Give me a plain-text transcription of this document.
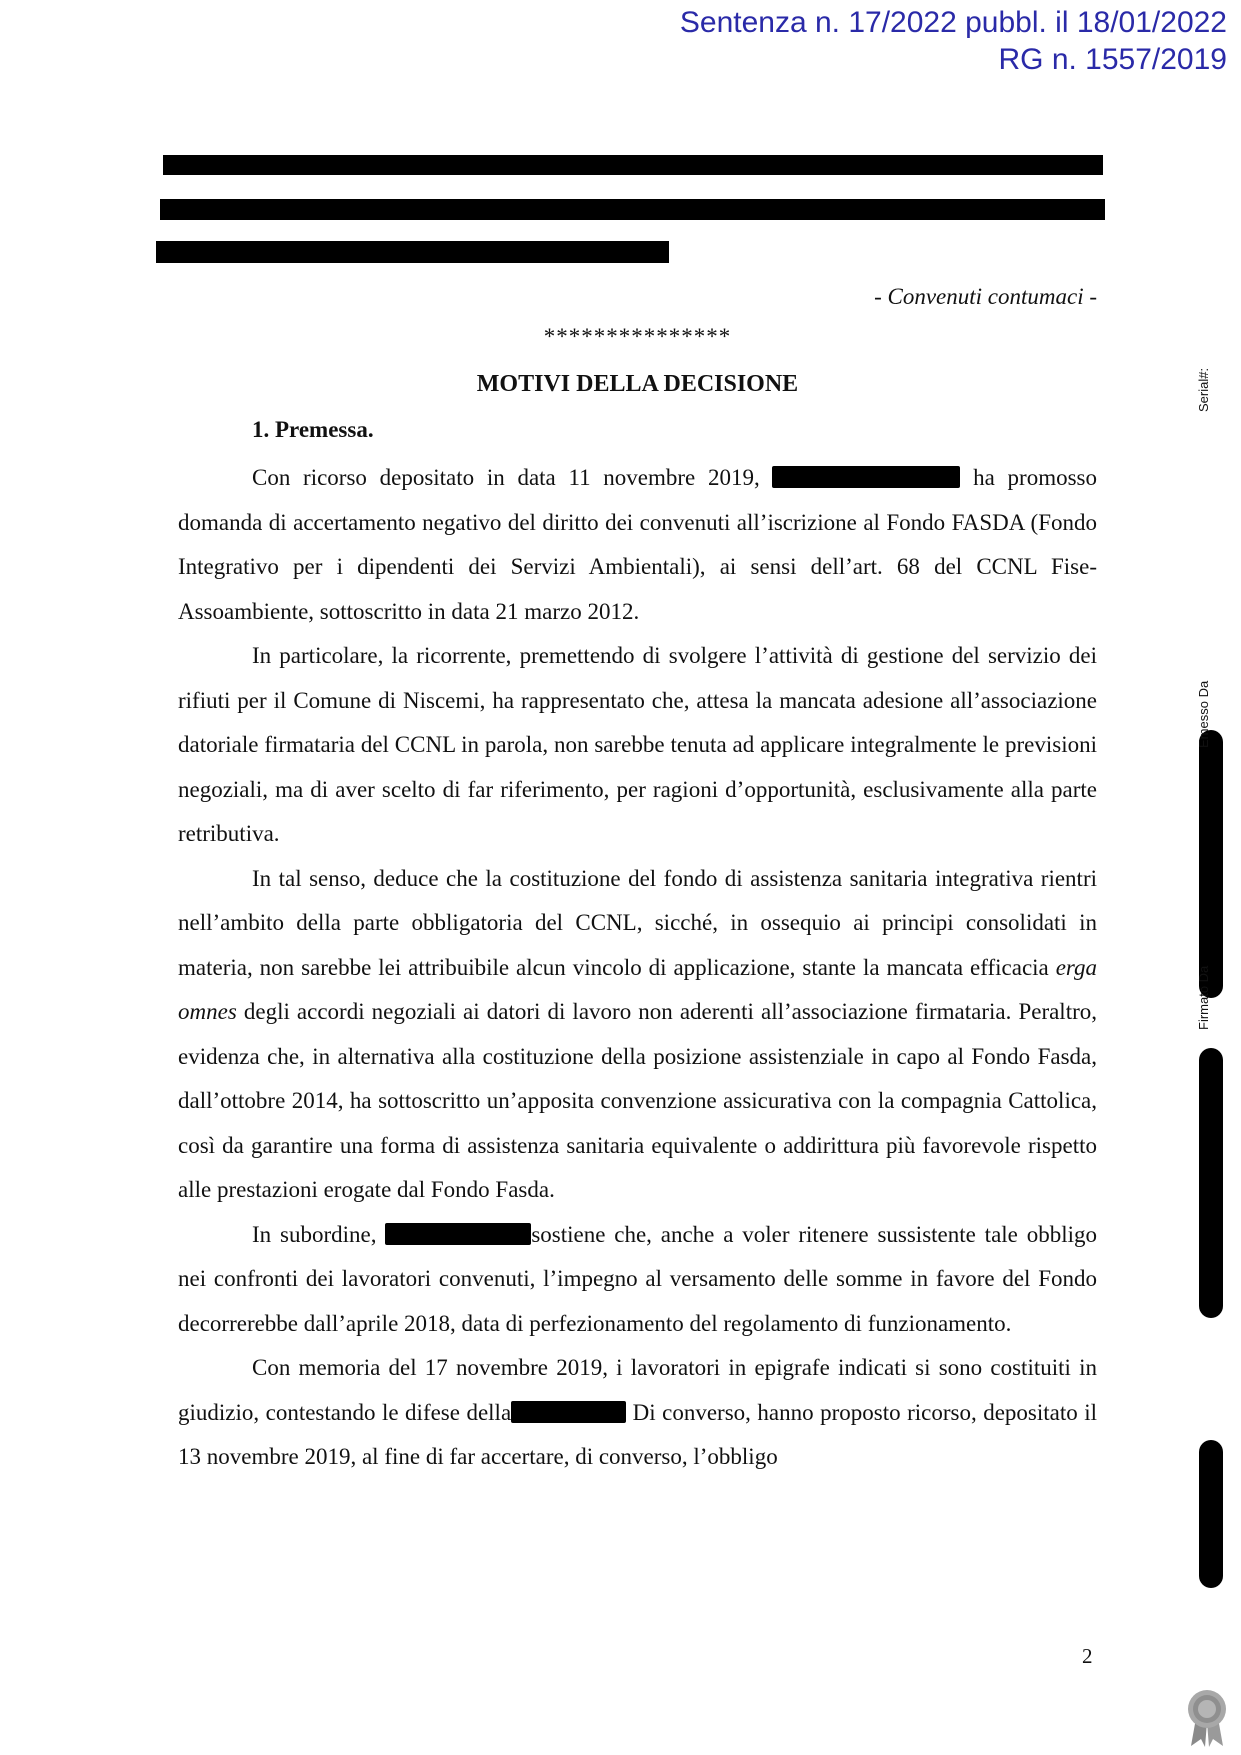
Sentenza n. 17/2022 pubbl. il 18/01/2022
RG n. 1557/2019
- Convenuti contumaci -
***************
MOTIVI DELLA DECISIONE
1. Premessa.

Con ricorso depositato in data 11 novembre 2019,	ha promosso domanda di accertamento negativo del diritto dei convenuti all’iscrizione al Fondo FASDA (Fondo Integrativo per i dipendenti dei Servizi Ambientali), ai sensi dell’art. 68 del CCNL Fise-Assoambiente, sottoscritto in data 21 marzo 2012.

In particolare, la ricorrente, premettendo di svolgere l’attività di gestione del servizio dei rifiuti per il Comune di Niscemi, ha rappresentato che, attesa la mancata adesione all’associazione datoriale firmataria del CCNL in parola, non sarebbe tenuta ad applicare integralmente le previsioni negoziali, ma di aver scelto di far riferimento, per ragioni d’opportunità, esclusivamente alla parte retributiva.

In tal senso, deduce che la costituzione del fondo di assistenza sanitaria integrativa rientri nell’ambito della parte obbligatoria del CCNL, sicché, in ossequio ai principi consolidati in materia, non sarebbe lei attribuibile alcun vincolo di applicazione, stante la mancata efficacia erga omnes degli accordi negoziali ai datori di lavoro non aderenti all’associazione firmataria. Peraltro, evidenza che, in alternativa alla costituzione della posizione assistenziale in capo al Fondo Fasda, dall’ottobre 2014, ha sottoscritto un’apposita convenzione assicurativa con la compagnia Cattolica, così da garantire una forma di assistenza sanitaria equivalente o addirittura più favorevole rispetto alle prestazioni erogate dal Fondo Fasda.

In subordine,	sostiene che, anche a voler ritenere sussistente tale obbligo nei confronti dei lavoratori convenuti, l’impegno al versamento delle somme in favore del Fondo decorrerebbe dall’aprile 2018, data di perfezionamento del regolamento di funzionamento.

Con memoria del 17 novembre 2019, i lavoratori in epigrafe indicati si sono costituiti in giudizio, contestando le difese della	Di converso, hanno proposto ricorso, depositato il 13 novembre 2019, al fine di far accertare, di converso, l’obbligo

2
Firmato Da
Emesso Da
Serial#:
